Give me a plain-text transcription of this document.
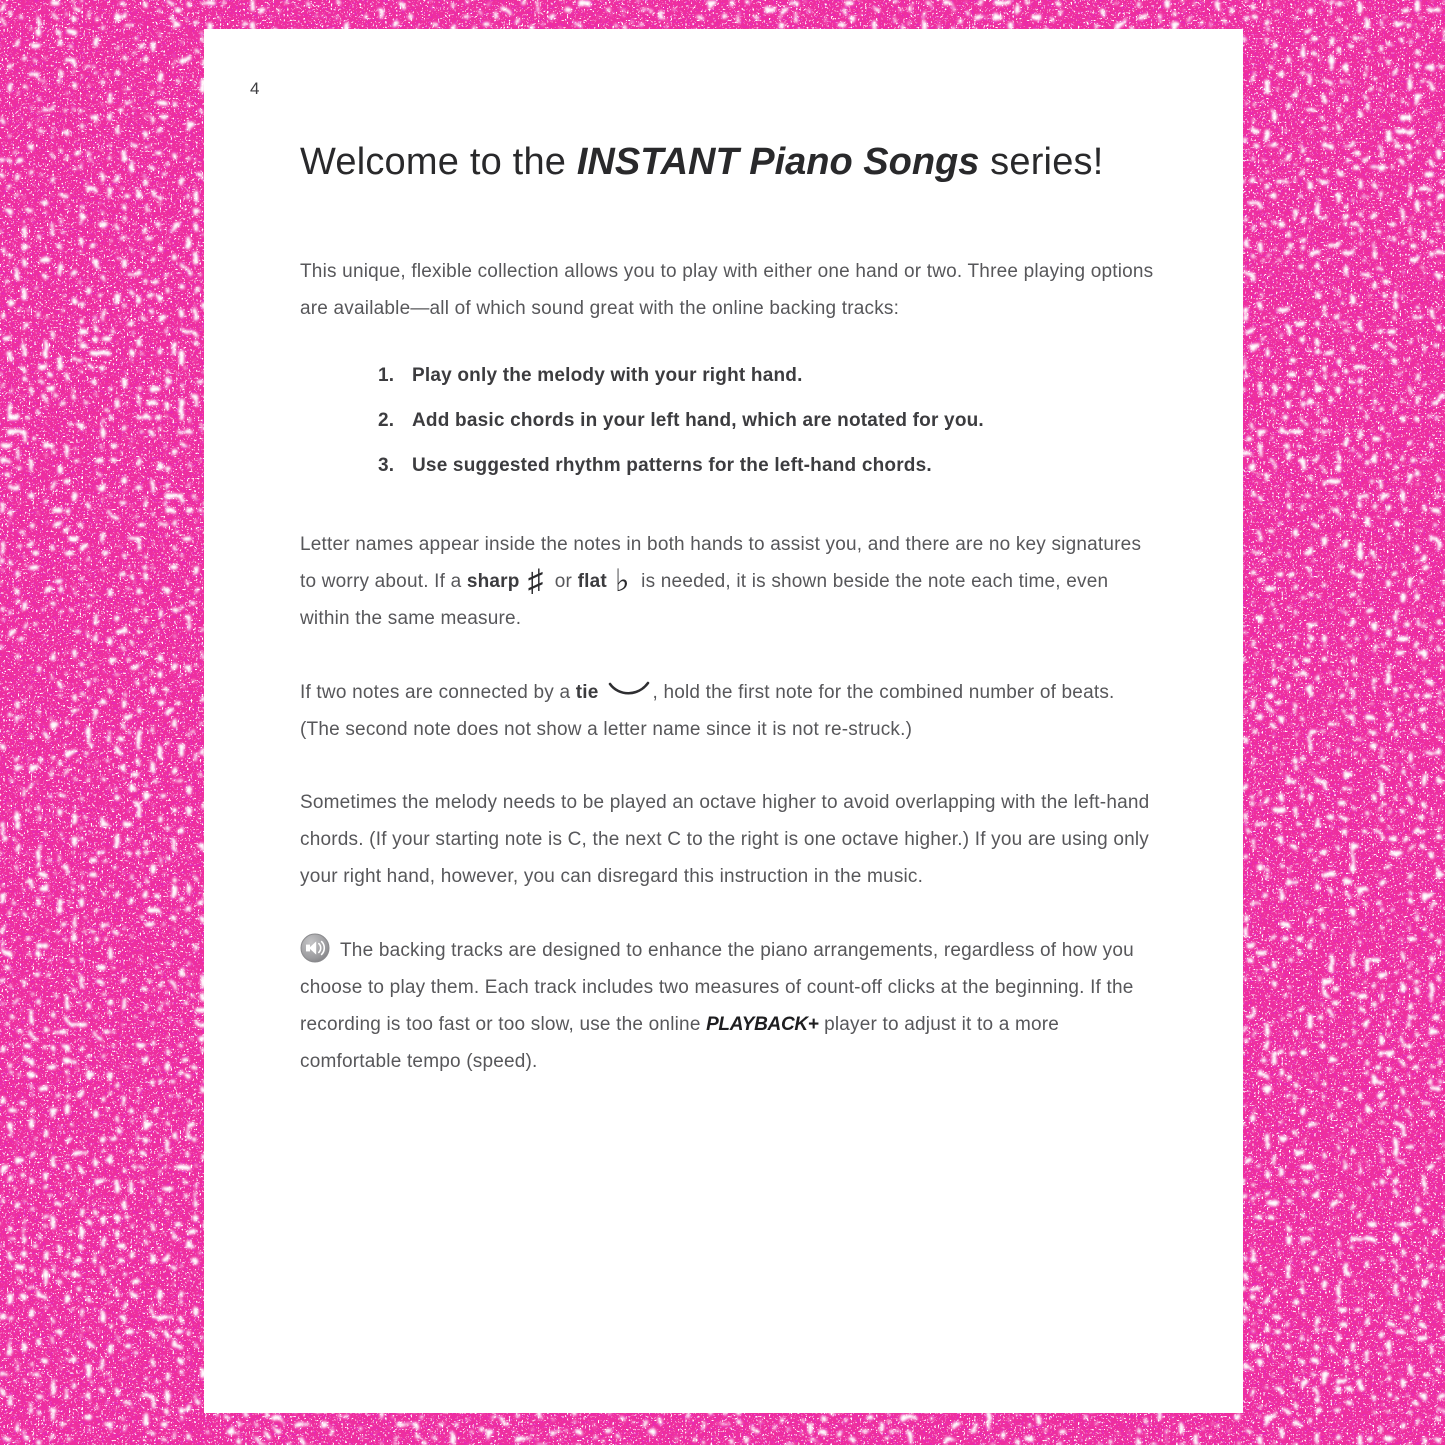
4
Welcome to the INSTANT Piano Songs series!

This unique, flexible collection allows you to play with either one hand or two. Three playing options are available—all of which sound great with the online backing tracks:

1. Play only the melody with your right hand.
2. Add basic chords in your left hand, which are notated for you.
3. Use suggested rhythm patterns for the left-hand chords.

Letter names appear inside the notes in both hands to assist you, and there are no key signatures to worry about. If a sharp ♯ or flat ♭ is needed, it is shown beside the note each time, even within the same measure.

If two notes are connected by a tie	, hold the first note for the combined number of beats. (The second note does not show a letter name since it is not re-struck.)

Sometimes the melody needs to be played an octave higher to avoid overlapping with the left-hand chords. (If your starting note is C, the next C to the right is one octave higher.) If you are using only your right hand, however, you can disregard this instruction in the music.

The backing tracks are designed to enhance the piano arrangements, regardless of how you choose to play them. Each track includes two measures of count-off clicks at the beginning. If the recording is too fast or too slow, use the online PLAYBACK+ player to adjust it to a more comfortable tempo (speed).
